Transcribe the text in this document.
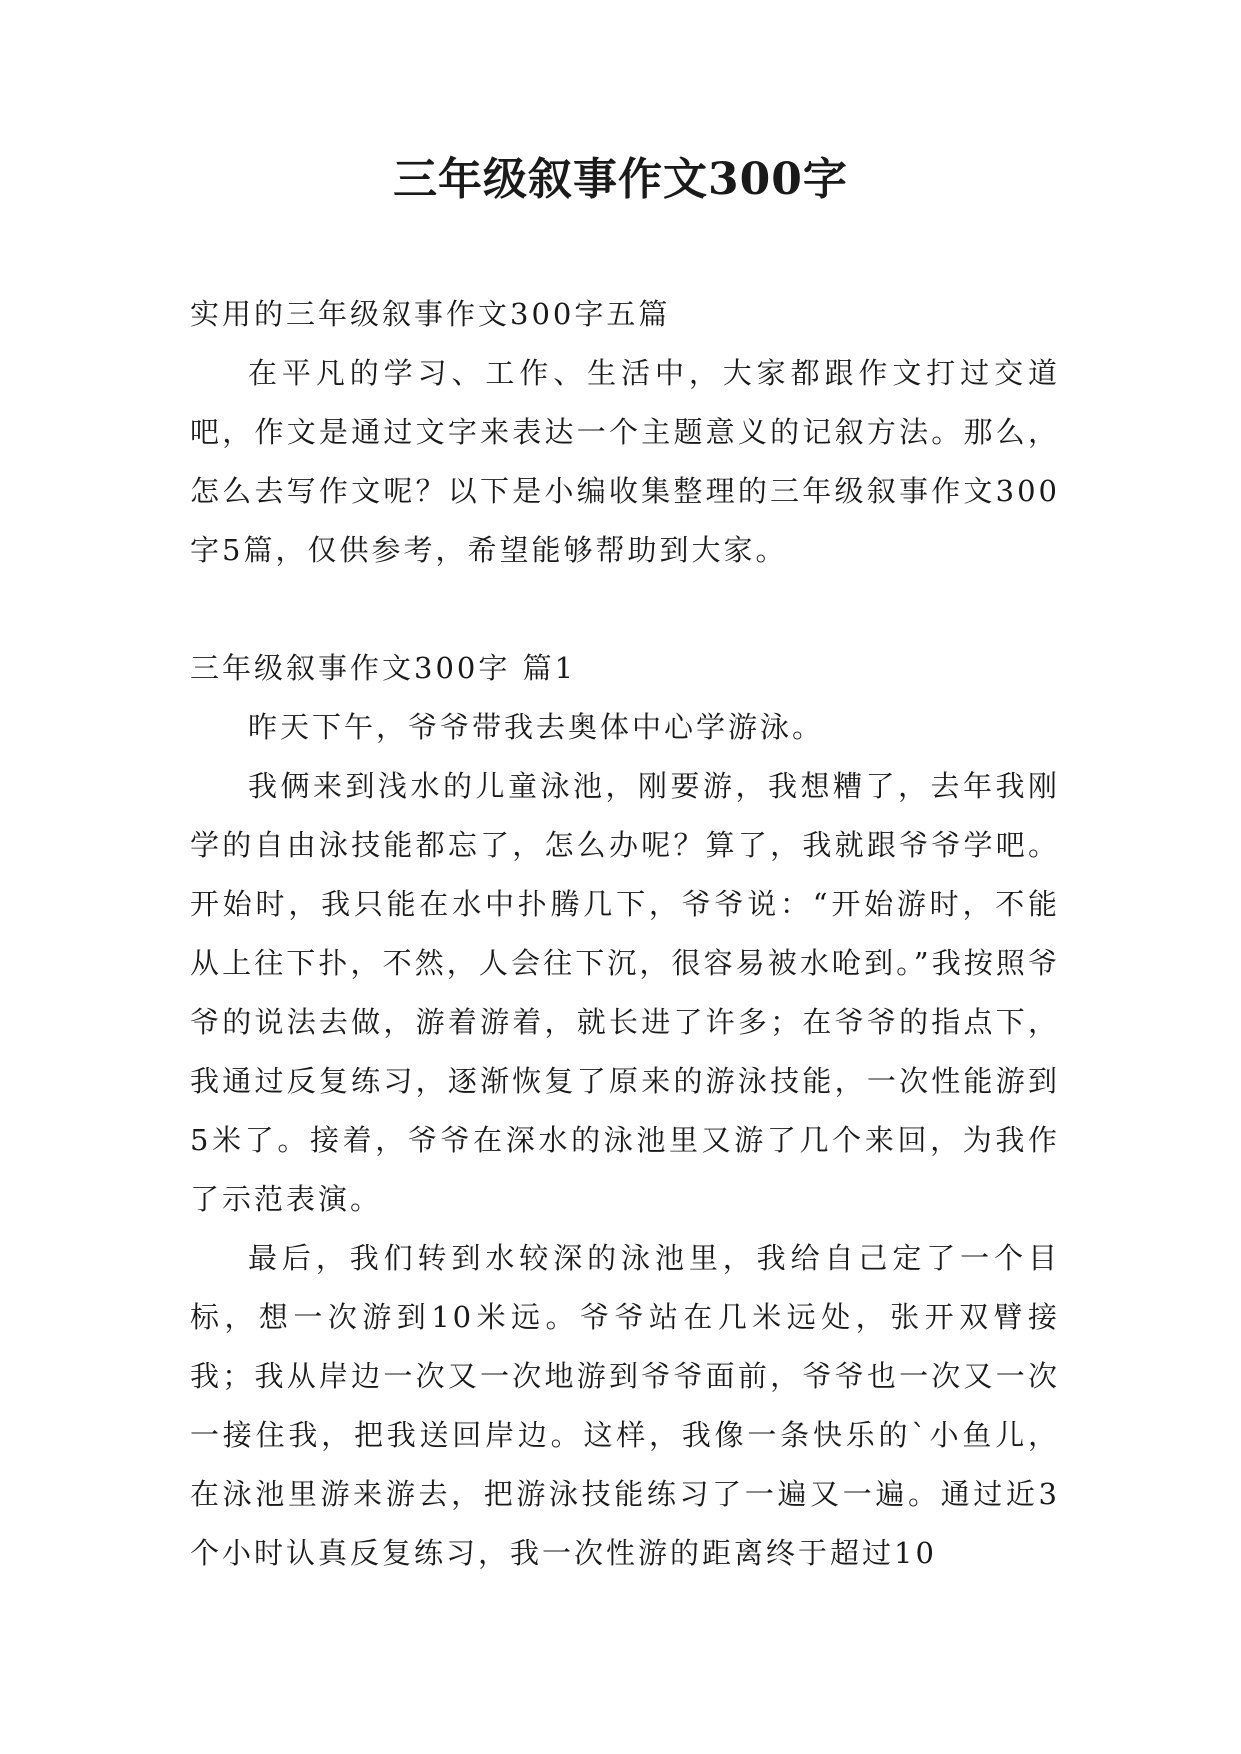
三年级叙事作文300字
实用的三年级叙事作文300字五篇

在平凡的学习、工作、生活中，大家都跟作文打过交道吧，作文是通过文字来表达一个主题意义的记叙方法。那么，怎么去写作文呢？以下是小编收集整理的三年级叙事作文300字5篇，仅供参考，希望能够帮助到大家。

三年级叙事作文300字 篇1

昨天下午，爷爷带我去奥体中心学游泳。

我俩来到浅水的儿童泳池，刚要游，我想糟了，去年我刚学的自由泳技能都忘了，怎么办呢？算了，我就跟爷爷学吧。开始时，我只能在水中扑腾几下，爷爷说：“开始游时，不能从上往下扑，不然，人会往下沉，很容易被水呛到。”我按照爷爷的说法去做，游着游着，就长进了许多；在爷爷的指点下，我通过反复练习，逐渐恢复了原来的游泳技能，一次性能游到5米了。接着，爷爷在深水的泳池里又游了几个来回，为我作了示范表演。

最后，我们转到水较深的泳池里，我给自己定了一个目标，想一次游到10米远。爷爷站在几米远处，张开双臂接我；我从岸边一次又一次地游到爷爷面前，爷爷也一次又一次一接住我，把我送回岸边。这样，我像一条快乐的`小鱼儿，在泳池里游来游去，把游泳技能练习了一遍又一遍。通过近3个小时认真反复练习，我一次性游的距离终于超过10
